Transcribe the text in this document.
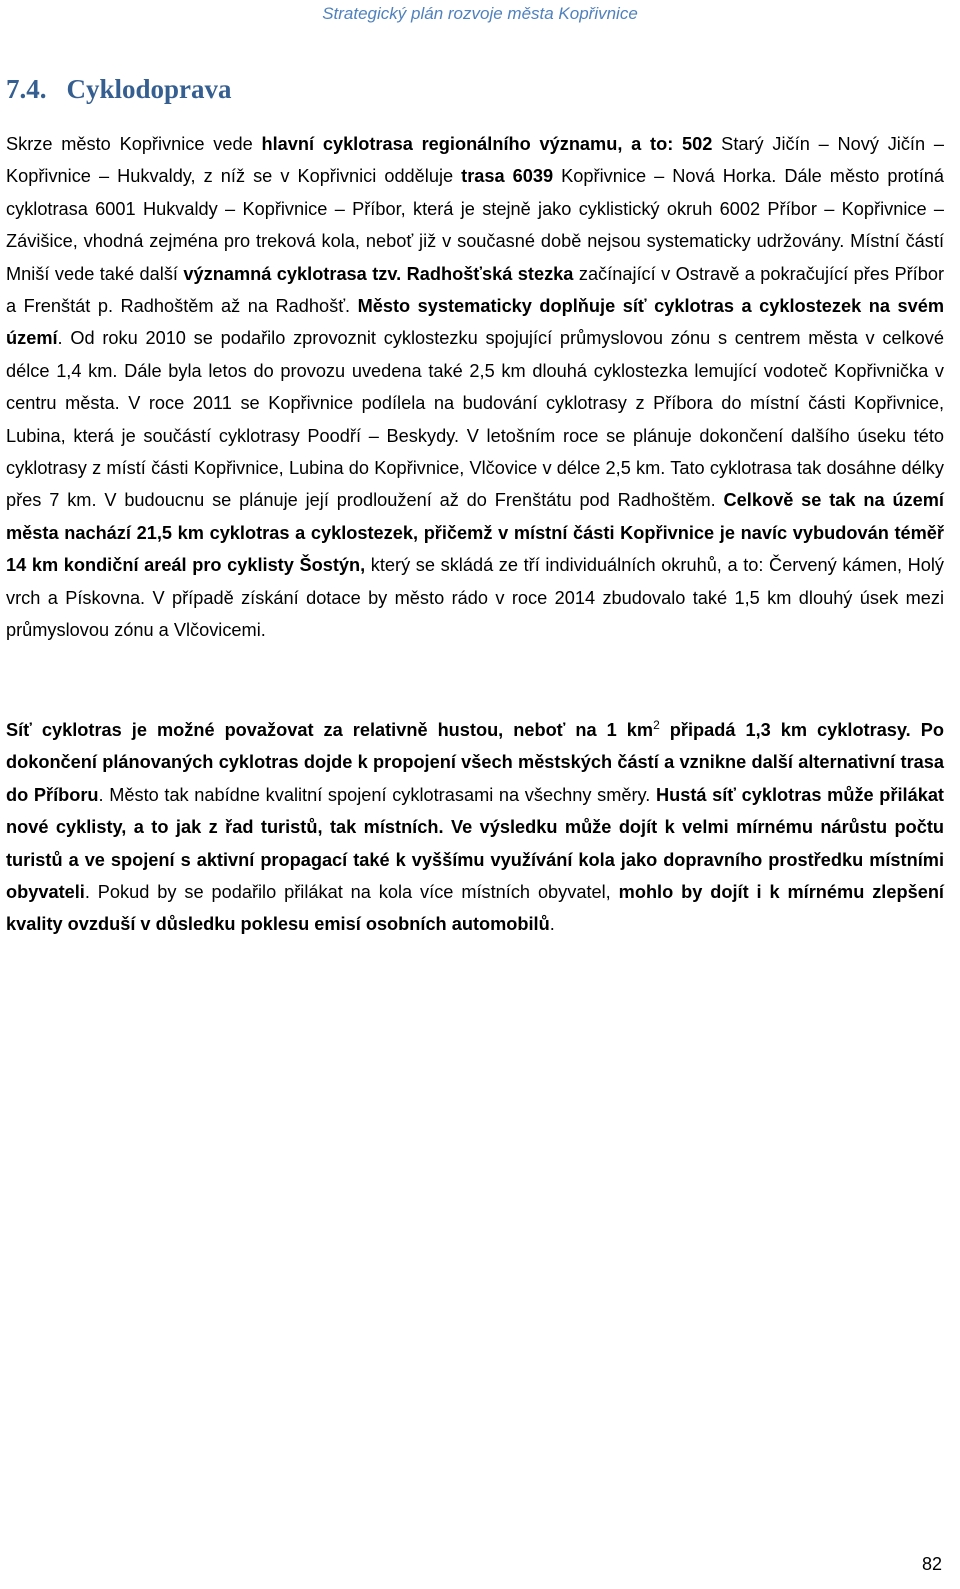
Strategický plán rozvoje města Kopřivnice
7.4. Cyklodoprava

Skrze město Kopřivnice vede hlavní cyklotrasa regionálního významu, a to: 502 Starý Jičín – Nový Jičín – Kopřivnice – Hukvaldy, z níž se v Kopřivnici odděluje trasa 6039 Kopřivnice – Nová Horka. Dále město protíná cyklotrasa 6001 Hukvaldy – Kopřivnice – Příbor, která je stejně jako cyklistický okruh 6002 Příbor – Kopřivnice – Závišice, vhodná zejména pro treková kola, neboť již v současné době nejsou systematicky udržovány. Místní částí Mniší vede také další významná cyklotrasa tzv. Radhošťská stezka začínající v Ostravě a pokračující přes Příbor a Frenštát p. Radhoštěm až na Radhošť. Město systematicky doplňuje síť cyklotras a cyklostezek na svém území. Od roku 2010 se podařilo zprovoznit cyklostezku spojující průmyslovou zónu s centrem města v celkové délce 1,4 km. Dále byla letos do provozu uvedena také 2,5 km dlouhá cyklostezka lemující vodoteč Kopřivnička v centru města. V roce 2011 se Kopřivnice podílela na budování cyklotrasy z Příbora do místní části Kopřivnice, Lubina, která je součástí cyklotrasy Poodří – Beskydy. V letošním roce se plánuje dokončení dalšího úseku této cyklotrasy z místí části Kopřivnice, Lubina do Kopřivnice, Vlčovice v délce 2,5 km. Tato cyklotrasa tak dosáhne délky přes 7 km. V budoucnu se plánuje její prodloužení až do Frenštátu pod Radhoštěm. Celkově se tak na území města nachází 21,5 km cyklotras a cyklostezek, přičemž v místní části Kopřivnice je navíc vybudován téměř 14 km kondiční areál pro cyklisty Šostýn, který se skládá ze tří individuálních okruhů, a to: Červený kámen, Holý vrch a Pískovna. V případě získání dotace by město rádo v roce 2014 zbudovalo také 1,5 km dlouhý úsek mezi průmyslovou zónu a Vlčovicemi.

Síť cyklotras je možné považovat za relativně hustou, neboť na 1 $km^2$ připadá 1,3 km cyklotrasy. Po dokončení plánovaných cyklotras dojde k propojení všech městských částí a vznikne další alternativní trasa do Příboru. Město tak nabídne kvalitní spojení cyklotrasami na všechny směry. Hustá síť cyklotras může přilákat nové cyklisty, a to jak z řad turistů, tak místních. Ve výsledku může dojít k velmi mírnému nárůstu počtu turistů a ve spojení s aktivní propagací také k vyššímu využívání kola jako dopravního prostředku místními obyvateli. Pokud by se podařilo přilákat na kola více místních obyvatel, mohlo by dojít i k mírnému zlepšení kvality ovzduší v důsledku poklesu emisí osobních automobilů.

82
